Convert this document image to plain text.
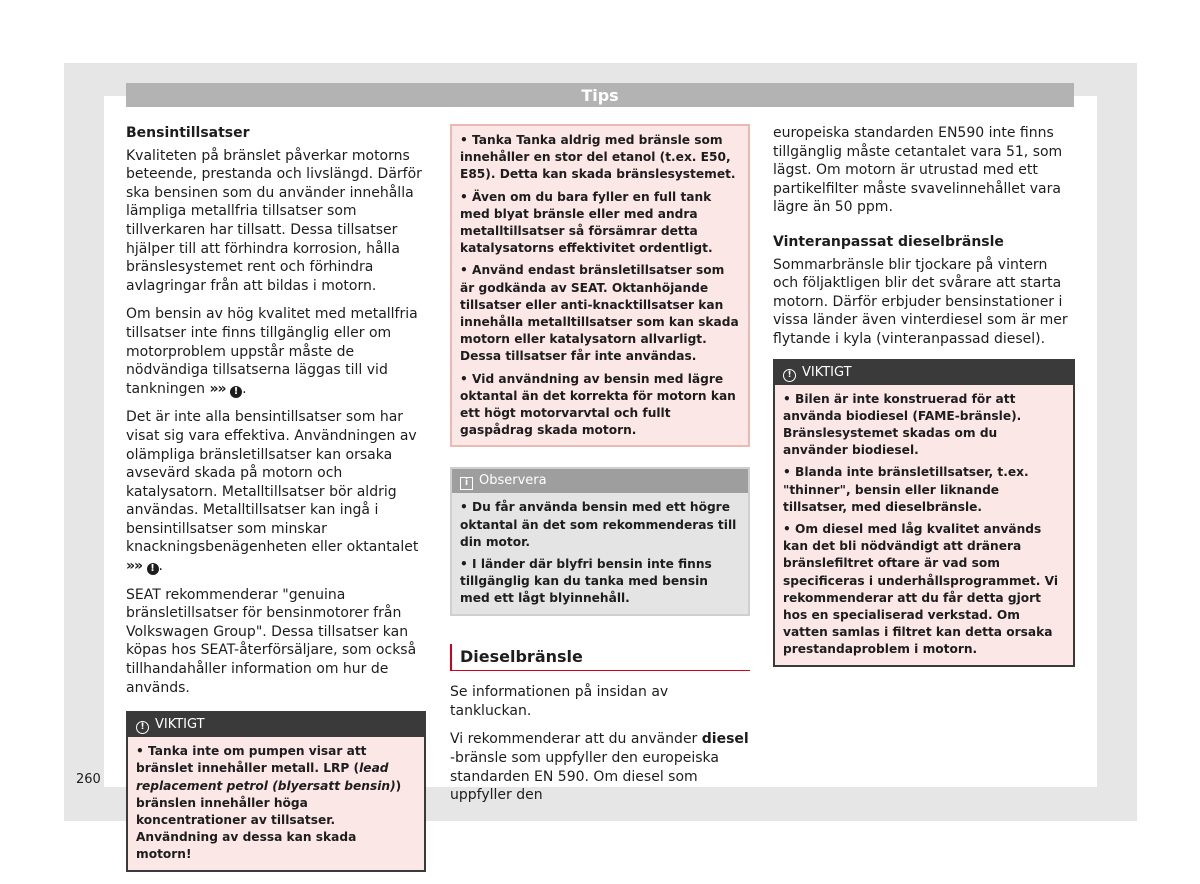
Tips
Bensintillsatser

Kvaliteten på bränslet påverkar motorns beteende, prestanda och livslängd. Därför ska bensinen som du använder innehålla lämpliga metallfria tillsatser som tillverkaren har tillsatt. Dessa tillsatser hjälper till att förhindra korrosion, hålla bränslesystemet rent och förhindra avlagringar från att bildas i motorn.

Om bensin av hög kvalitet med metallfria tillsatser inte finns tillgänglig eller om motorproblem uppstår måste de nödvändiga tillsatserna läggas till vid tankningen »» ! .

Det är inte alla bensintillsatser som har visat sig vara effektiva. Användningen av olämpliga bränsletillsatser kan orsaka avsevärd skada på motorn och katalysatorn. Metalltillsatser bör aldrig användas. Metalltillsatser kan ingå i bensintillsatser som minskar knackningsbenägenheten eller oktantalet »» ! .

SEAT rekommenderar "genuina bränsletillsatser för bensinmotorer från Volkswagen Group". Dessa tillsatser kan köpas hos SEAT-återförsäljare, som också tillhandahåller information om hur de används.

! VIKTIGT
• Tanka inte om pumpen visar att bränslet innehåller metall. LRP (lead replacement petrol (blyersatt bensin)) bränslen innehåller höga koncentrationer av tillsatser. Användning av dessa kan skada motorn!
• Tanka Tanka aldrig med bränsle som innehåller en stor del etanol (t.ex. E50, E85). Detta kan skada bränslesystemet.
• Även om du bara fyller en full tank med blyat bränsle eller med andra metalltillsatser så försämrar detta katalysatorns effektivitet ordentligt.
• Använd endast bränsletillsatser som är godkända av SEAT. Oktanhöjande tillsatser eller anti-knacktillsatser kan innehålla metalltillsatser som kan skada motorn eller katalysatorn allvarligt. Dessa tillsatser får inte användas.
• Vid användning av bensin med lägre oktantal än det korrekta för motorn kan ett högt motorvarvtal och fullt gaspådrag skada motorn.
i Observera
• Du får använda bensin med ett högre oktantal än det som rekommenderas till din motor.
• I länder där blyfri bensin inte finns tillgänglig kan du tanka med bensin med ett lågt blyinnehåll.
Dieselbränsle

Se informationen på insidan av tankluckan.

Vi rekommenderar att du använder diesel -bränsle som uppfyller den europeiska standarden EN 590. Om diesel som uppfyller den

europeiska standarden EN590 inte finns tillgänglig måste cetantalet vara 51, som lägst. Om motorn är utrustad med ett partikelfilter måste svavelinnehållet vara lägre än 50 ppm.

Vinteranpassat dieselbränsle

Sommarbränsle blir tjockare på vintern och följaktligen blir det svårare att starta motorn. Därför erbjuder bensinstationer i vissa länder även vinterdiesel som är mer flytande i kyla (vinteranpassad diesel).

! VIKTIGT
• Bilen är inte konstruerad för att använda biodiesel (FAME-bränsle). Bränslesystemet skadas om du använder biodiesel.
• Blanda inte bränsletillsatser, t.ex. "thinner", bensin eller liknande tillsatser, med dieselbränsle.
• Om diesel med låg kvalitet används kan det bli nödvändigt att dränera bränslefiltret oftare är vad som specificeras i underhållsprogrammet. Vi rekommenderar att du får detta gjort hos en specialiserad verkstad. Om vatten samlas i filtret kan detta orsaka prestandaproblem i motorn.
260
